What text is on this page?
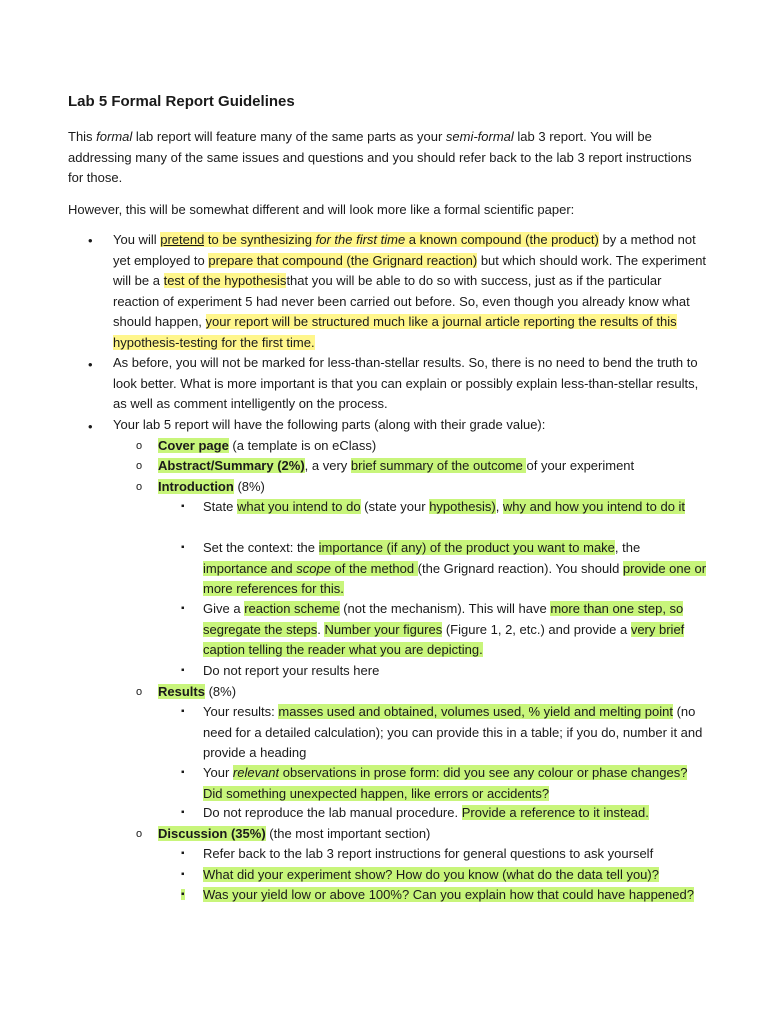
Lab 5 Formal Report Guidelines

This formal lab report will feature many of the same parts as your semi-formal lab 3 report. You will be addressing many of the same issues and questions and you should refer back to the lab 3 report instructions for those.

However, this will be somewhat different and will look more like a formal scientific paper:

• You will pretend to be synthesizing for the first time a known compound (the product) by a method not yet employed to prepare that compound (the Grignard reaction) but which should work. The experiment will be a test of the hypothesisthat you will be able to do so with success, just as if the particular reaction of experiment 5 had never been carried out before. So, even though you already know what should happen, your report will be structured much like a journal article reporting the results of this hypothesis-testing for the first time.

• As before, you will not be marked for less-than-stellar results. So, there is no need to bend the truth to look better. What is more important is that you can explain or possibly explain less-than-stellar results, as well as comment intelligently on the process.

• Your lab 5 report will have the following parts (along with their grade value):

o Cover page (a template is on eClass)

o Abstract/Summary (2%), a very brief summary of the outcome of your experiment

o Introduction (8%)

▪ State what you intend to do (state your hypothesis), why and how you intend to do it

▪ Set the context: the importance (if any) of the product you want to make, the importance and scope of the method (the Grignard reaction). You should provide one or more references for this.

▪ Give a reaction scheme (not the mechanism). This will have more than one step, so segregate the steps. Number your figures (Figure 1, 2, etc.) and provide a very brief caption telling the reader what you are depicting.

▪ Do not report your results here

o Results (8%)

▪ Your results: masses used and obtained, volumes used, % yield and melting point (no need for a detailed calculation); you can provide this in a table; if you do, number it and provide a heading

▪ Your relevant observations in prose form: did you see any colour or phase changes? Did something unexpected happen, like errors or accidents?

▪ Do not reproduce the lab manual procedure. Provide a reference to it instead.

o Discussion (35%) (the most important section)

▪ Refer back to the lab 3 report instructions for general questions to ask yourself

▪ What did your experiment show? How do you know (what do the data tell you)?

▪ Was your yield low or above 100%? Can you explain how that could have happened?
